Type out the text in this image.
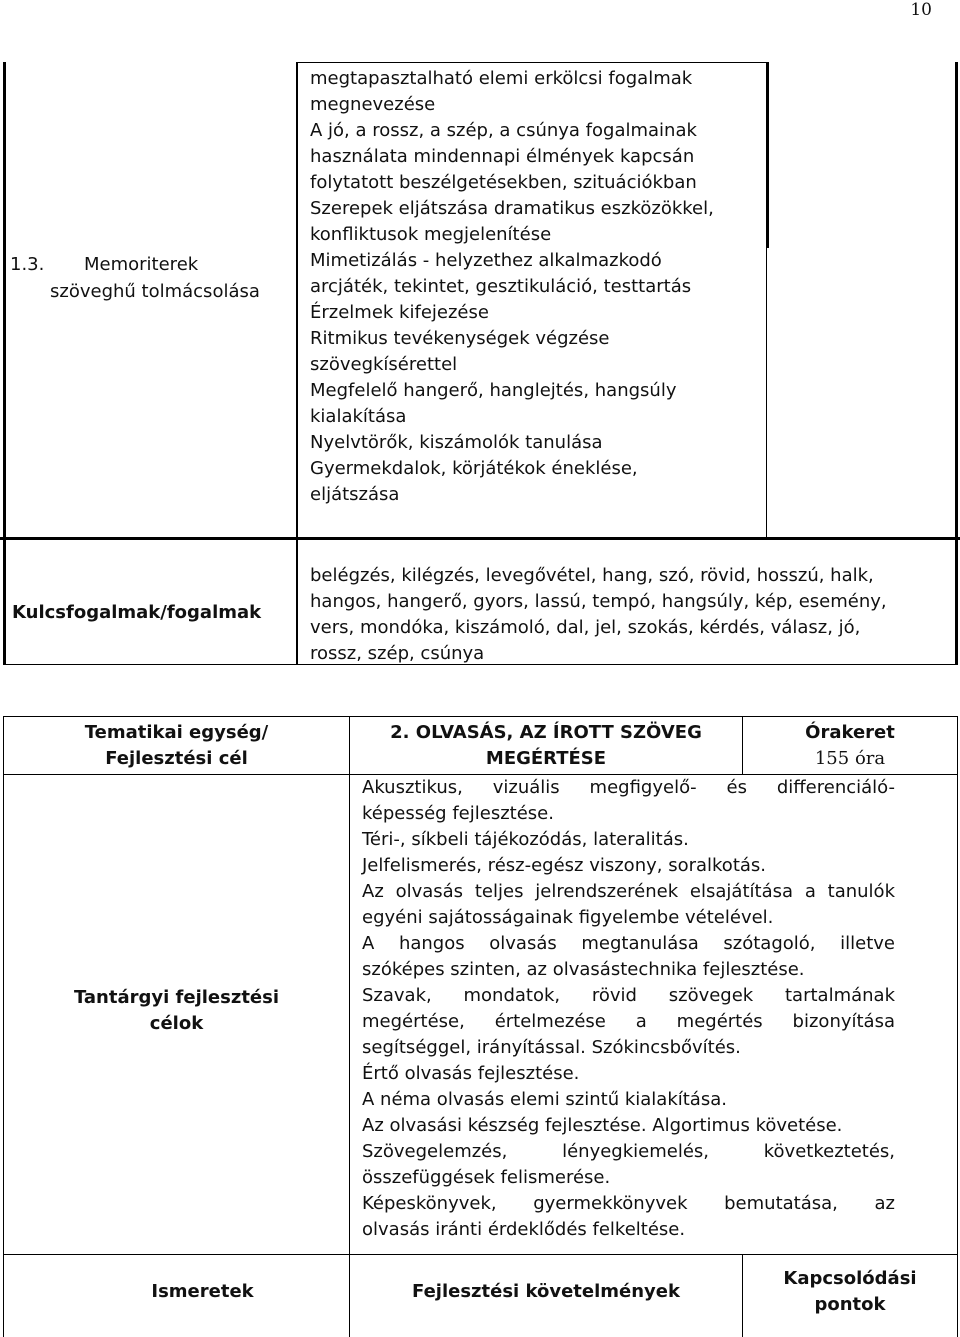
10
1.3. Memoriterek
szöveghű tolmácsolása
megtapasztalható elemi erkölcsi fogalmak
megnevezése
A jó, a rossz, a szép, a csúnya fogalmainak
használata mindennapi élmények kapcsán
folytatott beszélgetésekben, szituációkban
Szerepek eljátszása dramatikus eszközökkel,
konfliktusok megjelenítése
Mimetizálás - helyzethez alkalmazkodó
arcjáték, tekintet, gesztikuláció, testtartás
Érzelmek kifejezése
Ritmikus tevékenységek végzése
szövegkísérettel
Megfelelő hangerő, hanglejtés, hangsúly
kialakítása
Nyelvtörők, kiszámolók tanulása
Gyermekdalok, körjátékok éneklése,
eljátszása
Kulcsfogalmak/fogalmak
belégzés, kilégzés, levegővétel, hang, szó, rövid, hosszú, halk,
hangos, hangerő, gyors, lassú, tempó, hangsúly, kép, esemény,
vers, mondóka, kiszámoló, dal, jel, szokás, kérdés, válasz, jó,
rossz, szép, csúnya
Tematikai egység/
Fejlesztési cél
2. OLVASÁS, AZ ÍROTT SZÖVEG
MEGÉRTÉSE
Órakeret
155 óra
Tantárgyi fejlesztési
célok
Akusztikus, vizuális megfigyelő- és differenciáló-
képesség fejlesztése.
Téri-, síkbeli tájékozódás, lateralitás.
Jelfelismerés, rész-egész viszony, soralkotás.
Az olvasás teljes jelrendszerének elsajátítása a tanulók
egyéni sajátosságainak figyelembe vételével.
A hangos olvasás megtanulása szótagoló, illetve
szóképes szinten, az olvasástechnika fejlesztése.
Szavak, mondatok, rövid szövegek tartalmának
megértése, értelmezése a megértés bizonyítása
segítséggel, irányítással. Szókincsbővítés.
Értő olvasás fejlesztése.
A néma olvasás elemi szintű kialakítása.
Az olvasási készség fejlesztése. Algortimus követése.
Szövegelemzés, lényegkiemelés, következtetés,
összefüggések felismerése.
Képeskönyvek, gyermekkönyvek bemutatása, az
olvasás iránti érdeklődés felkeltése.
Ismeretek	Fejlesztési követelmények
Kapcsolódási
pontok
